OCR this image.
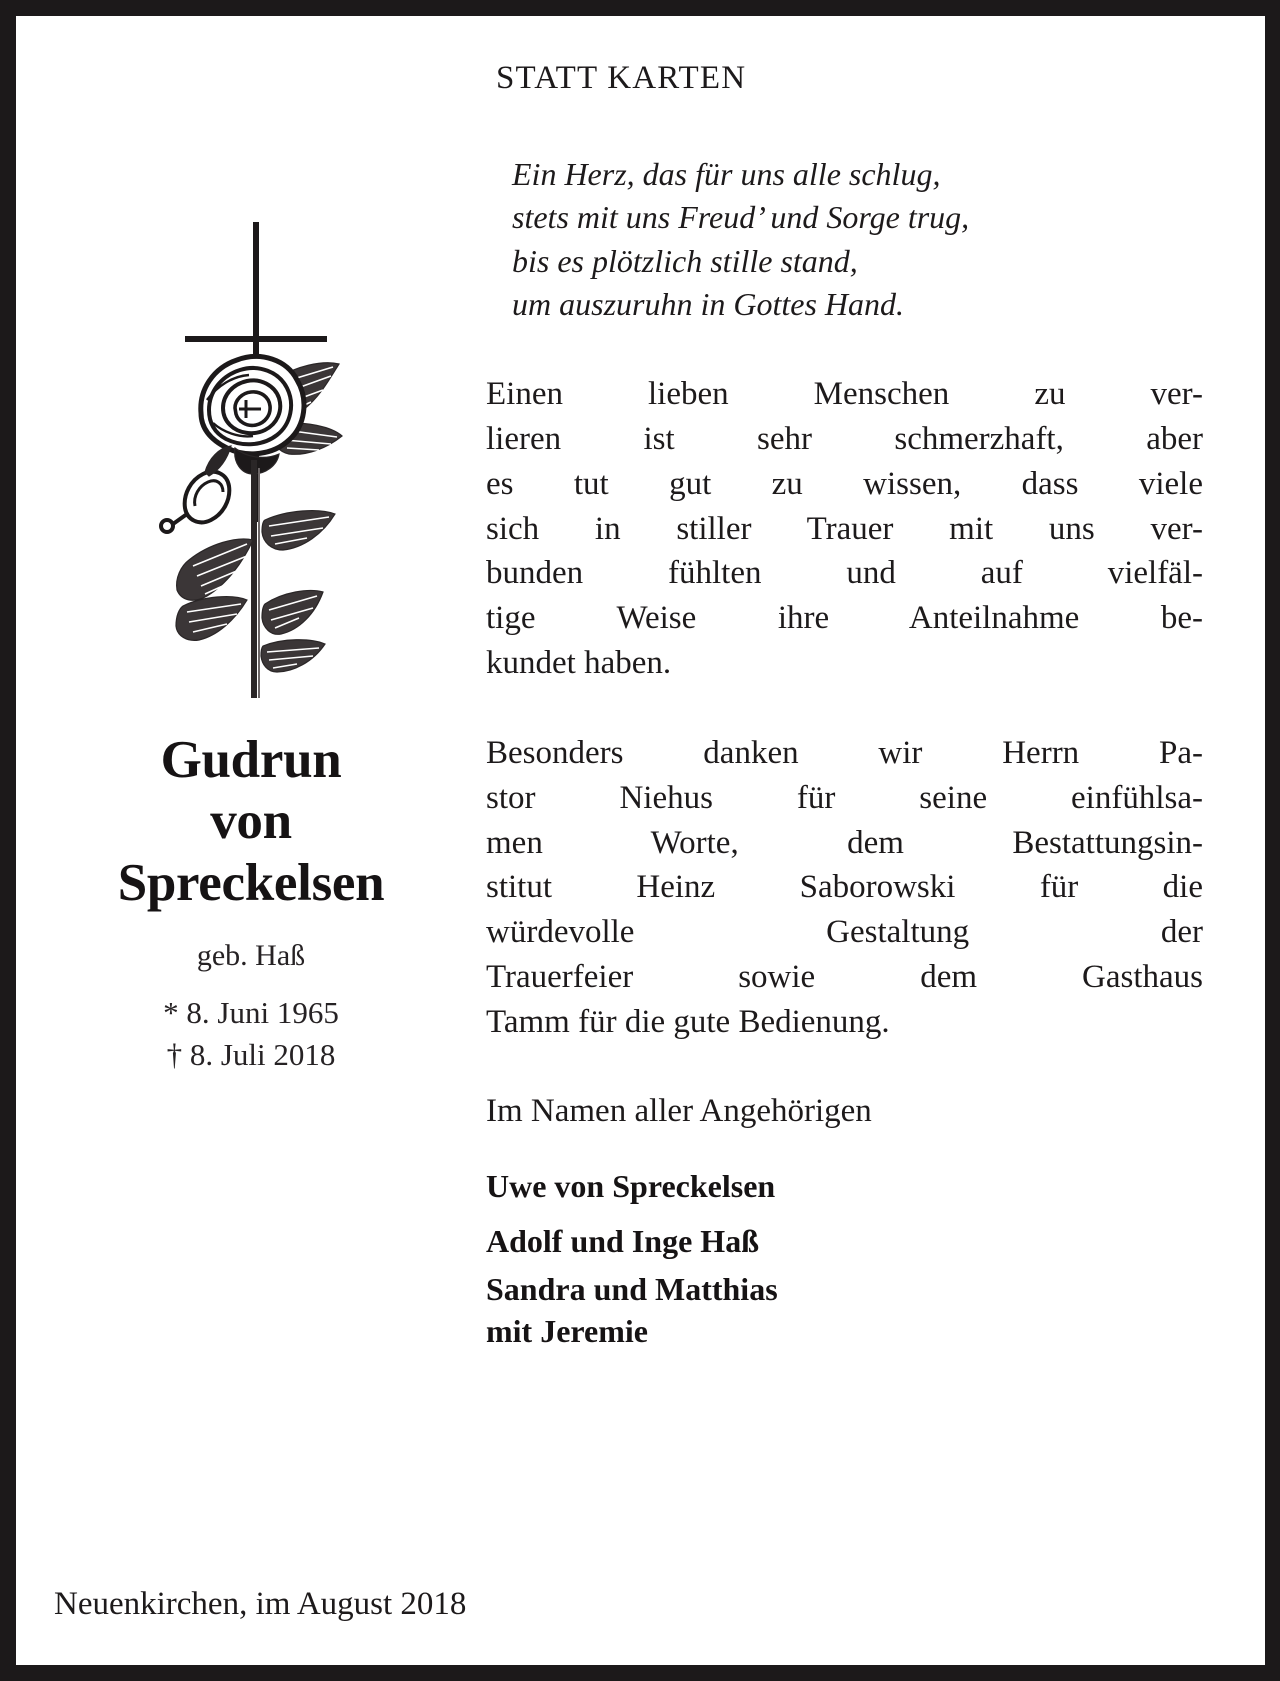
Gudrun
von
Spreckelsen
geb. Haß
* 8. Juni 1965
† 8. Juli 2018
STATT KARTEN
Ein Herz, das für uns alle schlug,
stets mit uns Freud’ und Sorge trug,
bis es plötzlich stille stand,
um auszuruhn in Gottes Hand.
Einen lieben Menschen zu ver-
lieren ist sehr schmerzhaft, aber
es tut gut zu wissen, dass viele
sich in stiller Trauer mit uns ver-
bunden fühlten und auf vielfäl-
tige Weise ihre Anteilnahme be-
kundet haben.
Besonders danken wir Herrn Pa-
stor Niehus für seine einfühlsa-
men Worte, dem Bestattungsin-
stitut Heinz Saborowski für die
würdevolle Gestaltung der
Trauerfeier sowie dem Gasthaus
Tamm für die gute Bedienung.
Im Namen aller Angehörigen
Uwe von Spreckelsen
Adolf und Inge Haß
Sandra und Matthias
mit Jeremie
Neuenkirchen, im August 2018
